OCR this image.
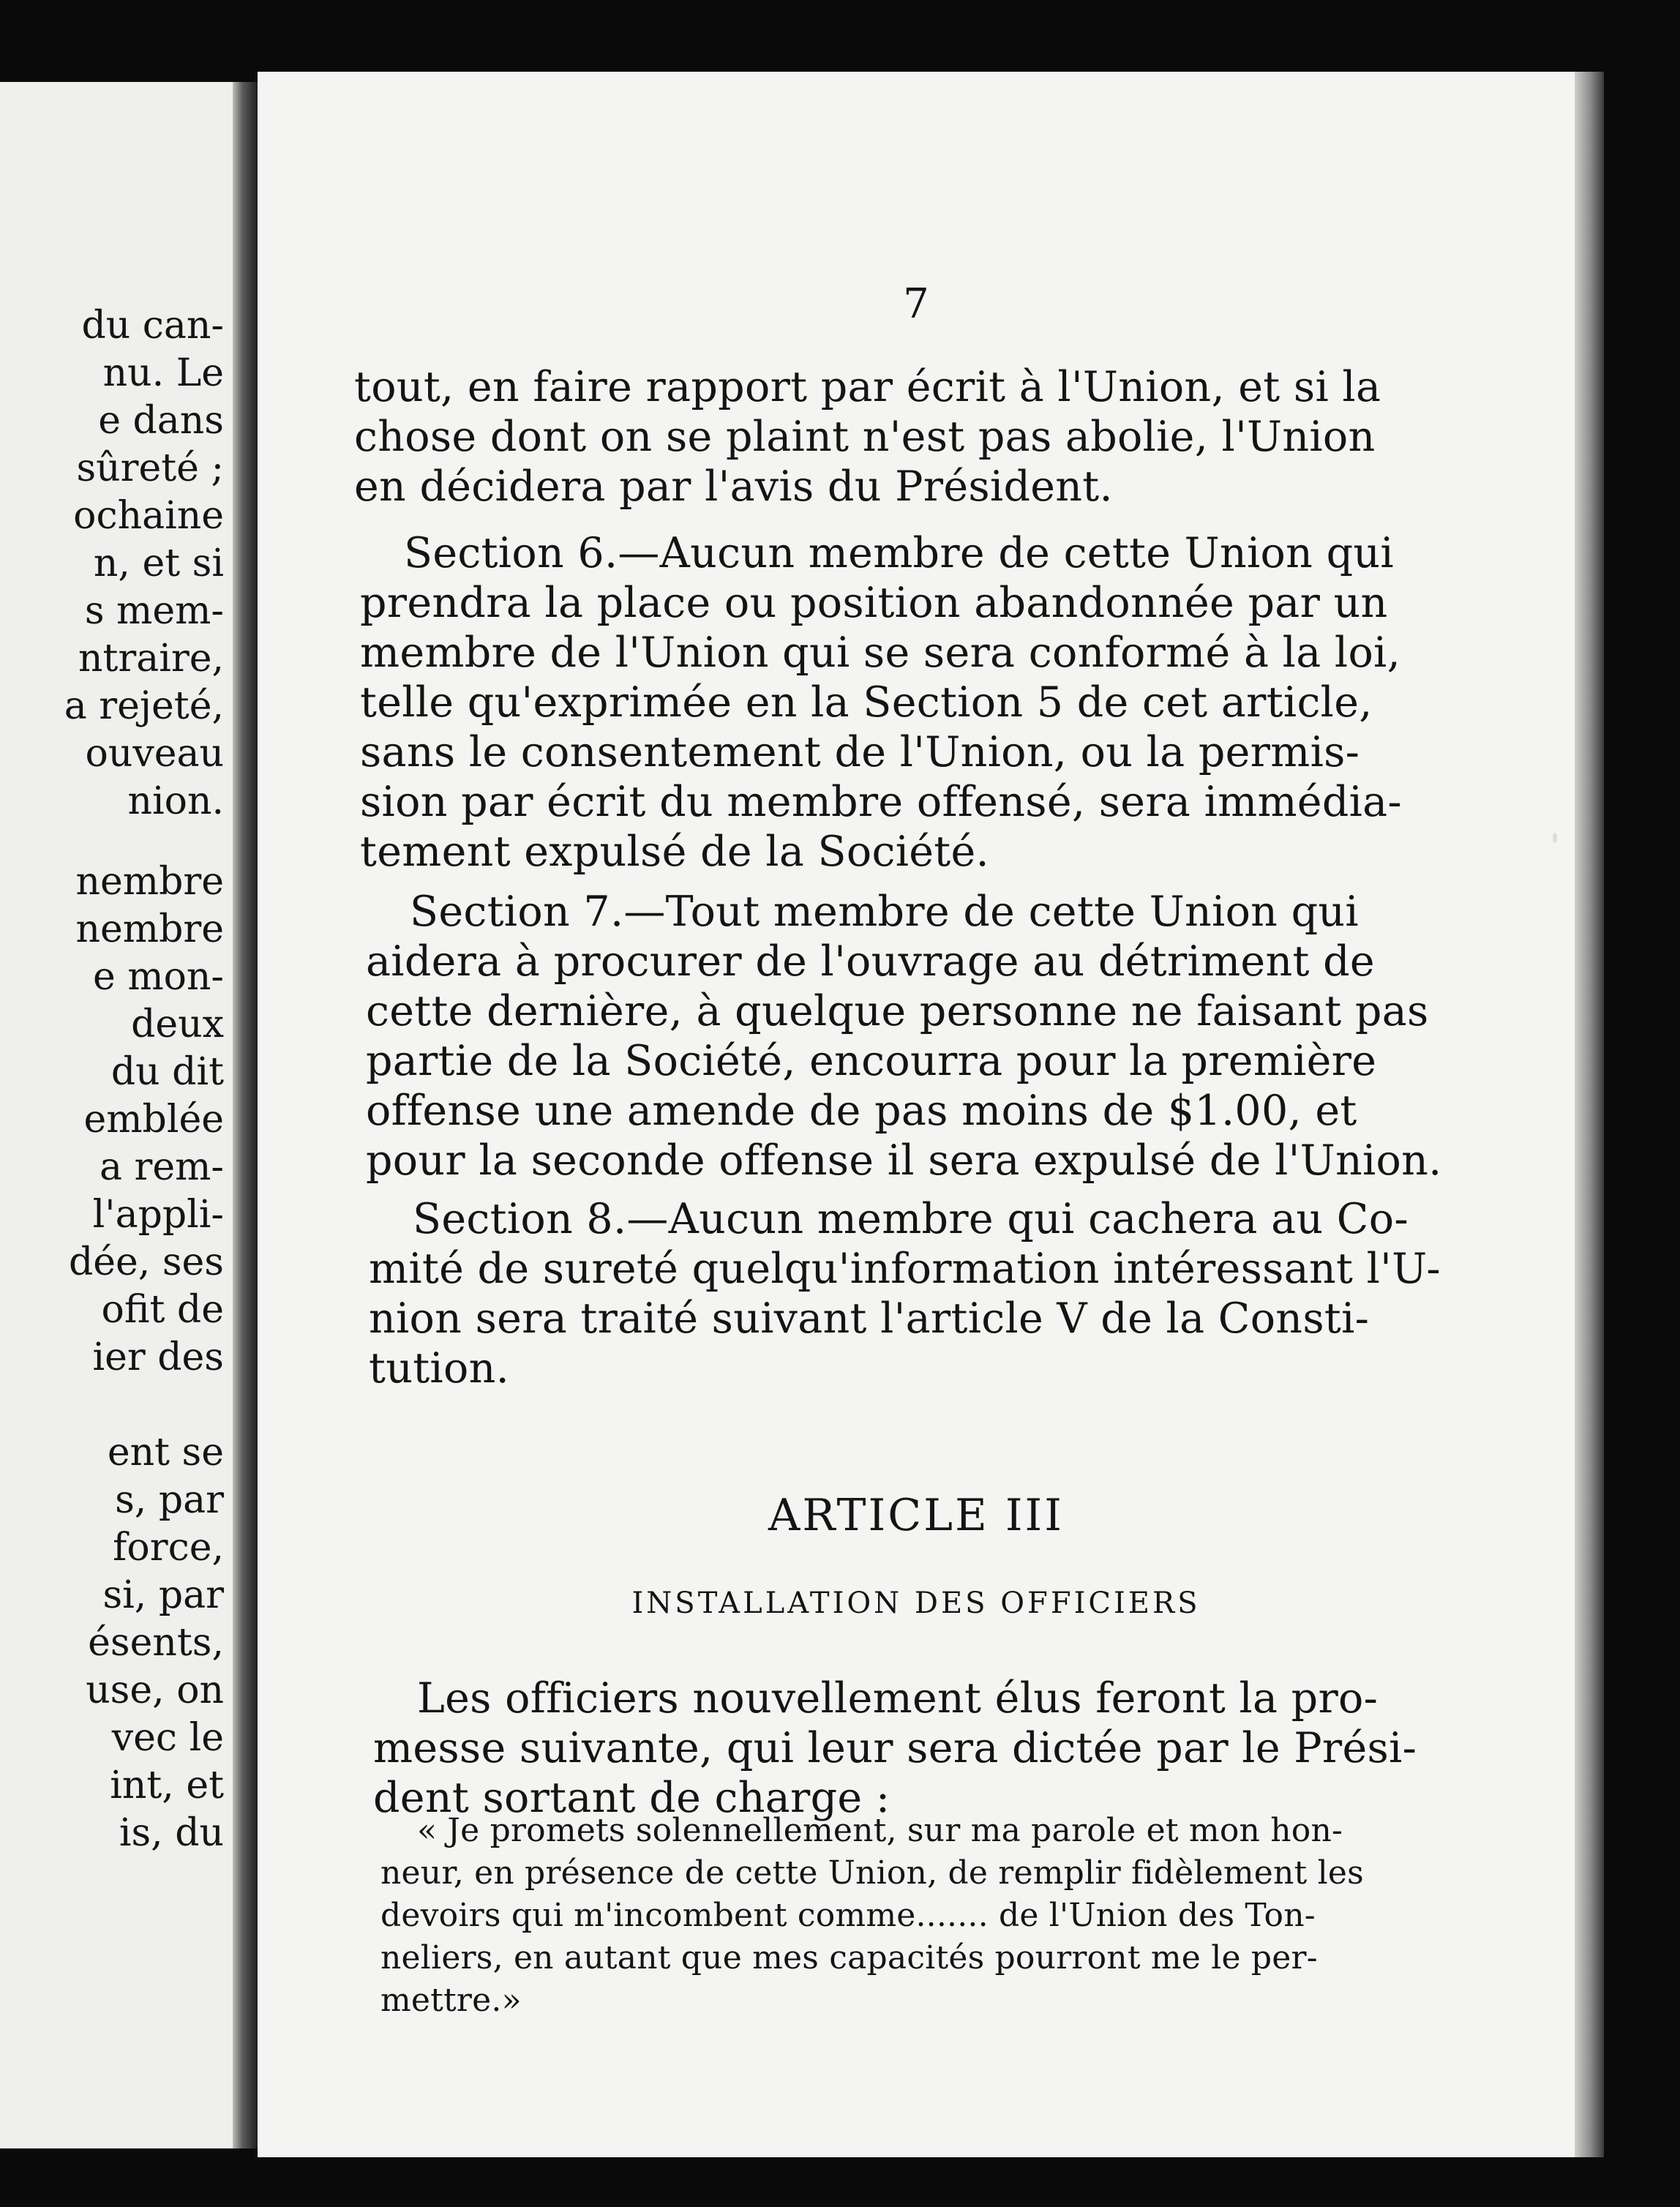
du can-
nu. Le
e dans
sûreté ;
ochaine
n, et si
s mem-
ntraire,
a rejeté,
ouveau
nion.
nembre
nembre
e mon-
deux
du dit
emblée
a rem-
l'appli-
dée, ses
ofit de
ier des
ent se
s, par
force,
si, par
ésents,
use, on
vec le
int, et
is, du
7
tout, en faire rapport par écrit à l'Union, et si la
chose dont on se plaint n'est pas abolie, l'Union
en décidera par l'avis du Président.
Section 6.—Aucun membre de cette Union qui
prendra la place ou position abandonnée par un
membre de l'Union qui se sera conformé à la loi,
telle qu'exprimée en la Section 5 de cet article,
sans le consentement de l'Union, ou la permis-
sion par écrit du membre offensé, sera immédia-
tement expulsé de la Société.
Section 7.—Tout membre de cette Union qui
aidera à procurer de l'ouvrage au détriment de
cette dernière, à quelque personne ne faisant pas
partie de la Société, encourra pour la première
offense une amende de pas moins de $1.00, et
pour la seconde offense il sera expulsé de l'Union.
Section 8.—Aucun membre qui cachera au Co-
mité de sureté quelqu'information intéressant l'U-
nion sera traité suivant l'article V de la Consti-
tution.
ARTICLE III
INSTALLATION DES OFFICIERS
Les officiers nouvellement élus feront la pro-
messe suivante, qui leur sera dictée par le Prési-
dent sortant de charge :
« Je promets solennellement, sur ma parole et mon hon-
neur, en présence de cette Union, de remplir fidèlement les
devoirs qui m'incombent comme....... de l'Union des Ton-
neliers, en autant que mes capacités pourront me le per-
mettre.»
